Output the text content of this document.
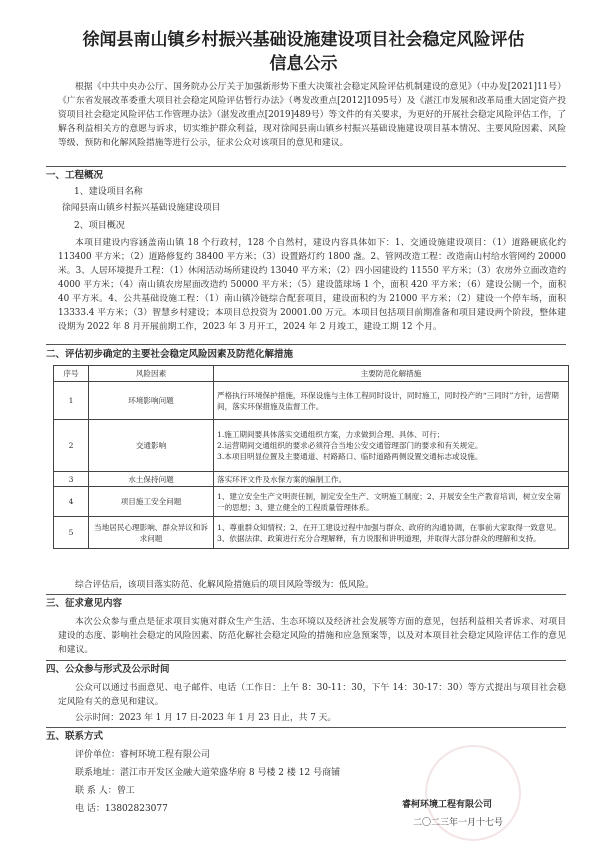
徐闻县南山镇乡村振兴基础设施建设项目社会稳定风险评估
信息公示
根据《中共中央办公厅、国务院办公厅关于加强新形势下重大决策社会稳定风险评估机制建设的意见》（中办发[2021]11号）《广东省发展改革委重大项目社会稳定风险评估暂行办法》（粤发改重点[2012]1095号）及《湛江市发展和改革局重大固定资产投资项目社会稳定风险评估工作管理办法》（湛发改重点[2019]489号）等文件的有关要求，为更好的开展社会稳定风险评估工作，了解各利益相关方的意愿与诉求，切实维护群众利益，现对徐闻县南山镇乡村振兴基础设施建设项目基本情况、主要风险因素、风险等级、预防和化解风险措施等进行公示，征求公众对该项目的意见和建议。
一、工程概况
1、建设项目名称
徐闻县南山镇乡村振兴基础设施建设项目
2、项目概况
本项目建设内容涵盖南山镇 18 个行政村，128 个自然村，建设内容具体如下：1、交通设施建设项目：（1）道路硬底化约 113400 平方米；（2）道路修复约 38400 平方米；（3）设置路灯约 1800 盏。2、管网改造工程：改造南山村给水管网约 20000 米。3、人居环境提升工程：（1）休闲活动场所建设约 13040 平方米；（2）四小园建设约 11550 平方米；（3）农房外立面改造约 4000 平方米；（4）南山镇农房屋面改造约 50000 平方米；（5）建设篮球场 1 个，面积 420 平方米；（6）建设公厕一个，面积 40 平方米。4、公共基础设施工程：（1）南山镇冷链综合配套项目，建设面积约为 21000 平方米；（2）建设一个停车场，面积 13333.4 平方米；（3）智慧乡村建设；本项目总投资为 20001.00 万元。本项目包括项目前期准备和项目建设两个阶段，整体建设期为 2022 年 8 月开展前期工作，2023 年 3 月开工，2024 年 2 月竣工，建设工期 12 个月。
二、评估初步确定的主要社会稳定风险因素及防范化解措施
序号	风险因素	主要防范化解措施
1	环境影响问题	严格执行环境保护措施，环保设施与主体工程同时设计，同时施工，同时投产的“三同时”方针，运营期间，落实环保措施及监督工作。

2	交通影响	1.施工期间要具体落实交通组织方案，力求做到合理、具体、可行；
2.运营期间交通组织的要求必须符合当地公安交通管理部门的要求和有关规定。
3.本项目明显位置及主要通道、村路路口、临时道路两侧设置交通标志或设施。

3	水土保持问题	落实环评文件及水保方案的编制工作。

4	项目施工安全问题	1、建立安全生产文明责任制，制定安全生产、文明施工制度；2、开展安全生产教育培训，树立安全第一的思想；3、建立健全的工程质量管理体系。

5	当地居民心理影响、群众异议和诉求问题	1、尊重群众知情权；2、在开工建设过程中加强与群众、政府的沟通协调，在事前大家取得一致意见。3、依据法律、政策进行充分合理解释，有力说服和讲明道理，并取得大部分群众的理解和支持。
综合评估后，该项目落实防范、化解风险措施后的项目风险等级为：低风险。
三、征求意见内容
本次公众参与重点是征求项目实施对群众生产生活、生态环境以及经济社会发展等方面的意见，包括利益相关者诉求、对项目建设的态度、影响社会稳定的风险因素、防范化解社会稳定风险的措施和应急预案等，以及对本项目社会稳定风险评估工作的意见和建议。
四、公众参与形式及公示时间
公众可以通过书面意见、电子邮件、电话（工作日：上午 8：30-11：30，下午 14：30-17：30）等方式提出与项目社会稳定风险有关的意见和建议。
公示时间：2023 年 1 月 17 日-2023 年 1 月 23 日止，共 7 天。
五、联系方式
评价单位：睿柯环境工程有限公司
联系地址：湛江市开发区金融大道荣盛华府 8 号楼 2 楼 12 号商铺
联 系 人：曾工
电 话：13802823077	睿柯环境工程有限公司
二〇二三年一月十七号
